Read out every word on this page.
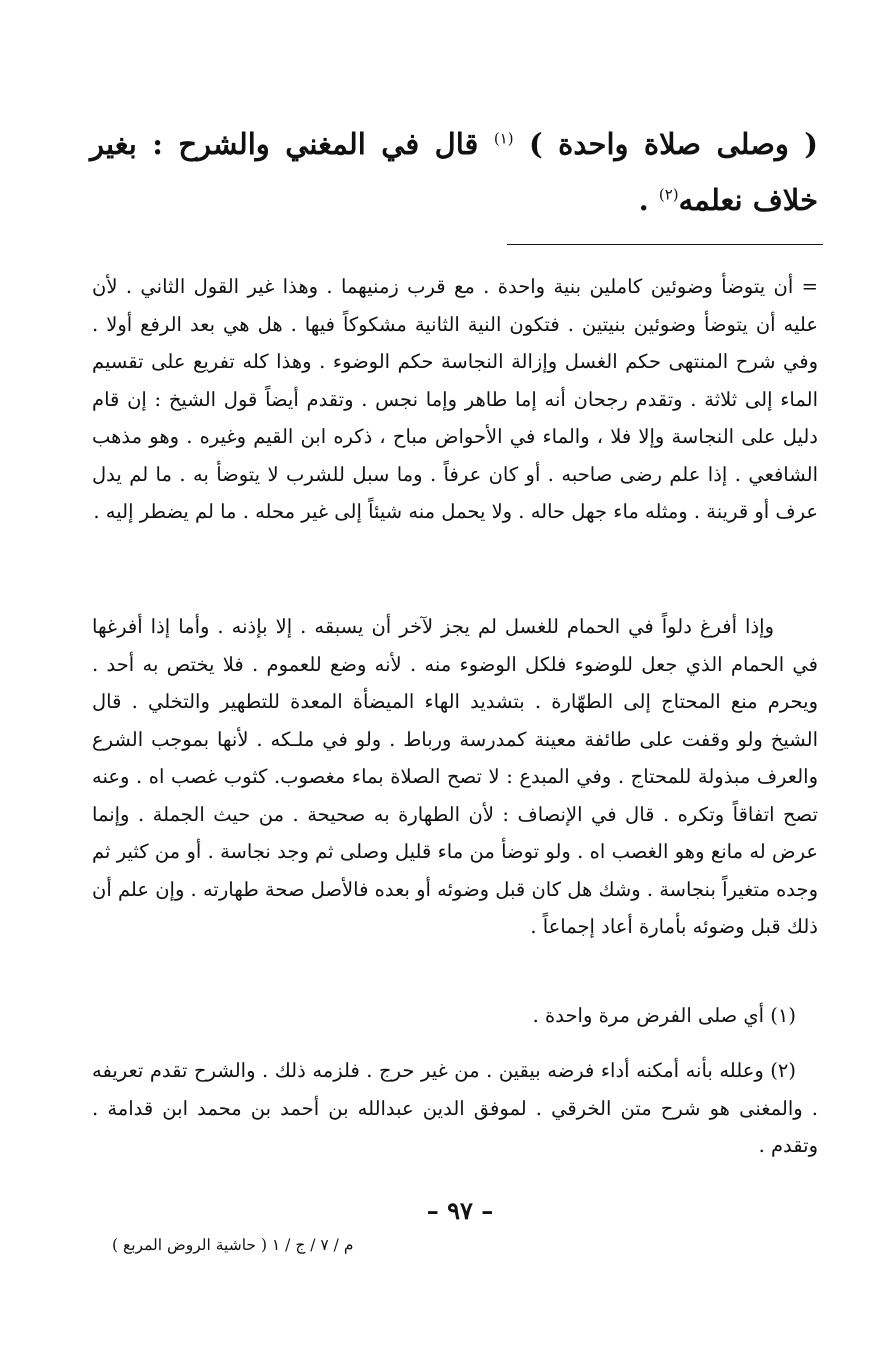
( وصلى صلاة واحدة ) $^{(١)}$ قال في المغني والشرح : بغير خلاف نعلمه$^{(٢)}$ .

= أن يتوضأ وضوئين كاملين بنية واحدة . مع قرب زمنيهما . وهذا غير القول الثاني . لأن عليه أن يتوضأ وضوئين بنيتين . فتكون النية الثانية مشكوكاً فيها . هل هي بعد الرفع أولا . وفي شرح المنتهى حكم الغسل وإزالة النجاسة حكم الوضوء . وهذا كله تفريع على تقسيم الماء إلى ثلاثة . وتقدم رجحان أنه إما طاهر وإما نجس . وتقدم أيضاً قول الشيخ : إن قام دليل على النجاسة وإلا فلا ، والماء في الأحواض مباح ، ذكره ابن القيم وغيره . وهو مذهب الشافعي . إذا علم رضى صاحبه . أو كان عرفاً . وما سبل للشرب لا يتوضأ به . ما لم يدل عرف أو قرينة . ومثله ماء جهل حاله . ولا يحمل منه شيئاً إلى غير محله . ما لم يضطر إليه .

وإذا أفرغ دلواً في الحمام للغسل لم يجز لآخر أن يسبقه . إلا بإذنه . وأما إذا أفرغها في الحمام الذي جعل للوضوء فلكل الوضوء منه . لأنه وضع للعموم . فلا يختص به أحد . ويحرم منع المحتاج إلى الطهّارة . بتشديد الهاء الميضأة المعدة للتطهير والتخلي . قال الشيخ ولو وقفت على طائفة معينة كمدرسة ورباط . ولو في ملـكه . لأنها بموجب الشرع والعرف مبذولة للمحتاج . وفي المبدع : لا تصح الصلاة بماء مغصوب. كثوب غصب اه . وعنه تصح اتفاقاً وتكره . قال في الإنصاف : لأن الطهارة به صحيحة . من حيث الجملة . وإنما عرض له مانع وهو الغصب اه . ولو توضأ من ماء قليل وصلى ثم وجد نجاسة . أو من كثير ثم وجده متغيراً بنجاسة . وشك هل كان قبل وضوئه أو بعده فالأصل صحة طهارته . وإن علم أن ذلك قبل وضوئه بأمارة أعاد إجماعاً .

(١) أي صلى الفرض مرة واحدة .

(٢) وعلله بأنه أمكنه أداء فرضه بيقين . من غير حرج . فلزمه ذلك . والشرح تقدم تعريفه . والمغنى هو شرح متن الخرقي . لموفق الدين عبدالله بن أحمد بن محمد ابن قدامة . وتقدم .

– ٩٧ –
م / ٧ / ج / ١ ( حاشية الروض المربع )
